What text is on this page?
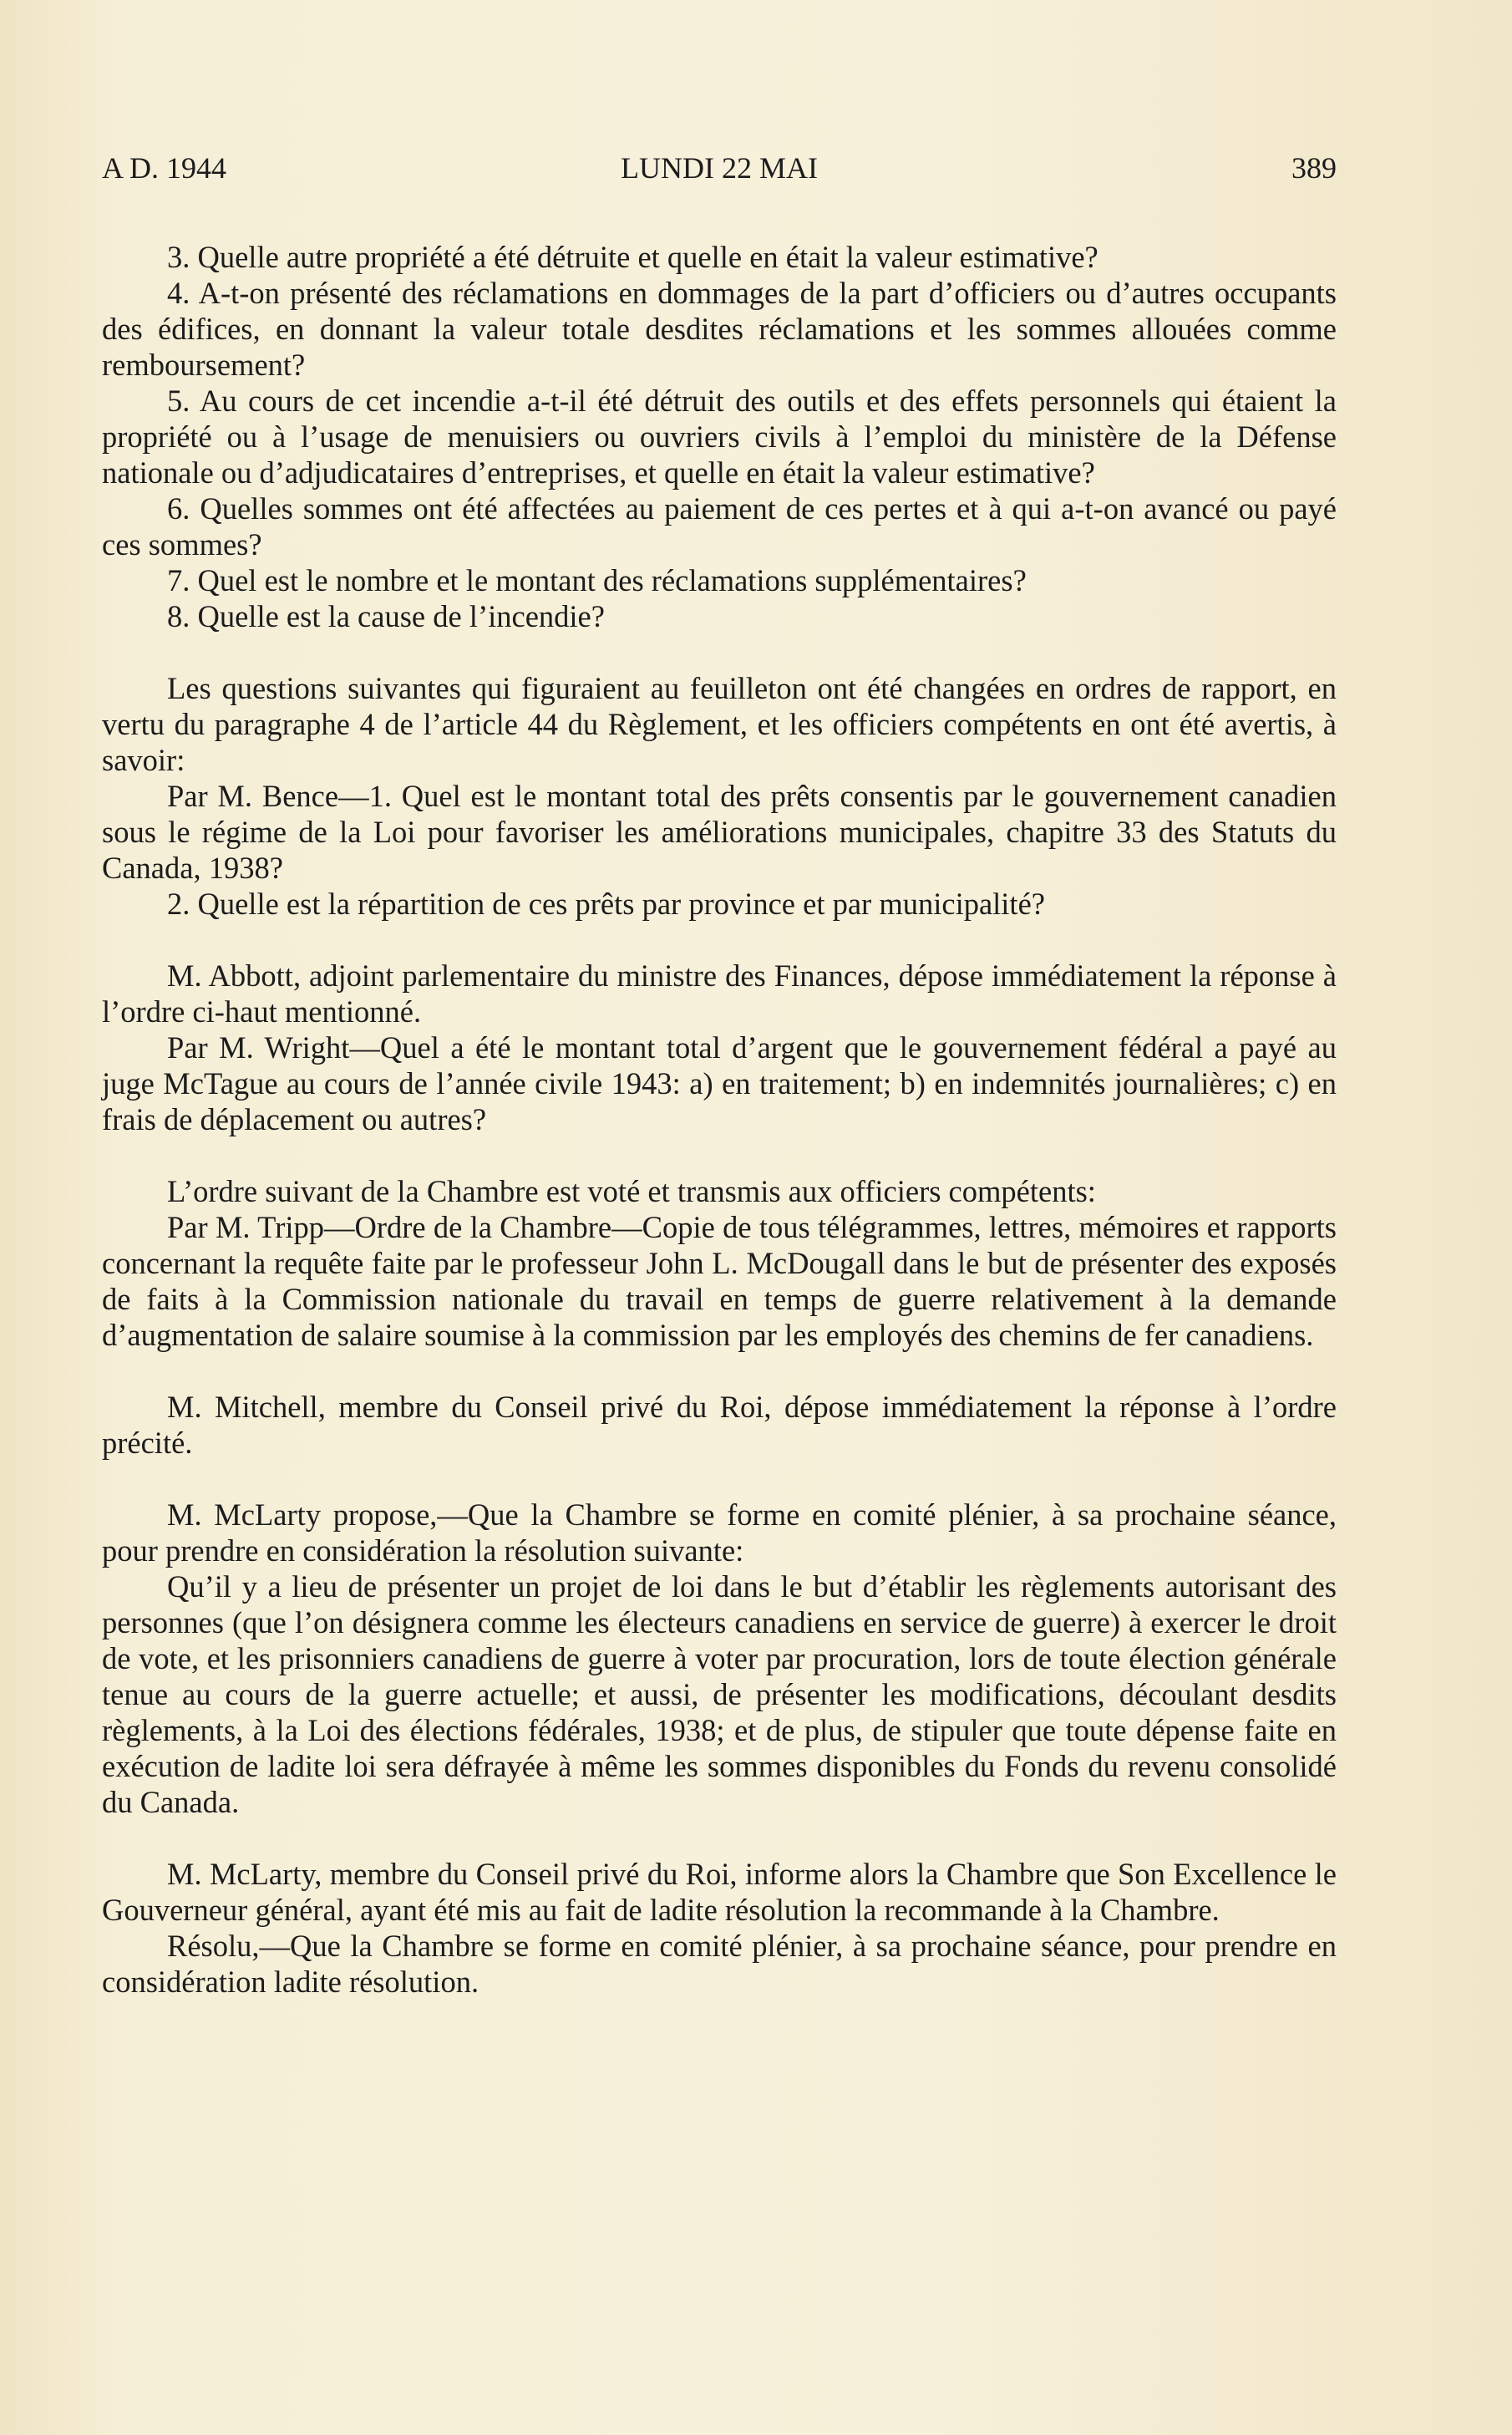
A D. 1944	LUNDI 22 MAI	389

3. Quelle autre propriété a été détruite et quelle en était la valeur estimative?

4. A-t-on présenté des réclamations en dommages de la part d’officiers ou d’autres occupants des édifices, en donnant la valeur totale desdites réclamations et les sommes allouées comme remboursement?

5. Au cours de cet incendie a-t-il été détruit des outils et des effets personnels qui étaient la propriété ou à l’usage de menuisiers ou ouvriers civils à l’emploi du ministère de la Défense nationale ou d’adjudicataires d’entreprises, et quelle en était la valeur estimative?

6. Quelles sommes ont été affectées au paiement de ces pertes et à qui a-t-on avancé ou payé ces sommes?

7. Quel est le nombre et le montant des réclamations supplémentaires?

8. Quelle est la cause de l’incendie?

Les questions suivantes qui figuraient au feuilleton ont été changées en ordres de rapport, en vertu du paragraphe 4 de l’article 44 du Règlement, et les officiers compétents en ont été avertis, à savoir:

Par M. Bence—1. Quel est le montant total des prêts consentis par le gouvernement canadien sous le régime de la Loi pour favoriser les améliorations municipales, chapitre 33 des Statuts du Canada, 1938?

2. Quelle est la répartition de ces prêts par province et par municipalité?

M. Abbott, adjoint parlementaire du ministre des Finances, dépose immédiatement la réponse à l’ordre ci-haut mentionné.

Par M. Wright—Quel a été le montant total d’argent que le gouvernement fédéral a payé au juge McTague au cours de l’année civile 1943: a) en traitement; b) en indemnités journalières; c) en frais de déplacement ou autres?

L’ordre suivant de la Chambre est voté et transmis aux officiers compétents:

Par M. Tripp—Ordre de la Chambre—Copie de tous télégrammes, lettres, mémoires et rapports concernant la requête faite par le professeur John L. McDougall dans le but de présenter des exposés de faits à la Commission nationale du travail en temps de guerre relativement à la demande d’augmentation de salaire soumise à la commission par les employés des chemins de fer canadiens.

M. Mitchell, membre du Conseil privé du Roi, dépose immédiatement la réponse à l’ordre précité.

M. McLarty propose,—Que la Chambre se forme en comité plénier, à sa prochaine séance, pour prendre en considération la résolution suivante:

Qu’il y a lieu de présenter un projet de loi dans le but d’établir les règlements autorisant des personnes (que l’on désignera comme les électeurs canadiens en service de guerre) à exercer le droit de vote, et les prisonniers canadiens de guerre à voter par procuration, lors de toute élection générale tenue au cours de la guerre actuelle; et aussi, de présenter les modifications, découlant desdits règlements, à la Loi des élections fédérales, 1938; et de plus, de stipuler que toute dépense faite en exécution de ladite loi sera défrayée à même les sommes disponibles du Fonds du revenu consolidé du Canada.

M. McLarty, membre du Conseil privé du Roi, informe alors la Chambre que Son Excellence le Gouverneur général, ayant été mis au fait de ladite résolution la recommande à la Chambre.

Résolu,—Que la Chambre se forme en comité plénier, à sa prochaine séance, pour prendre en considération ladite résolution.
